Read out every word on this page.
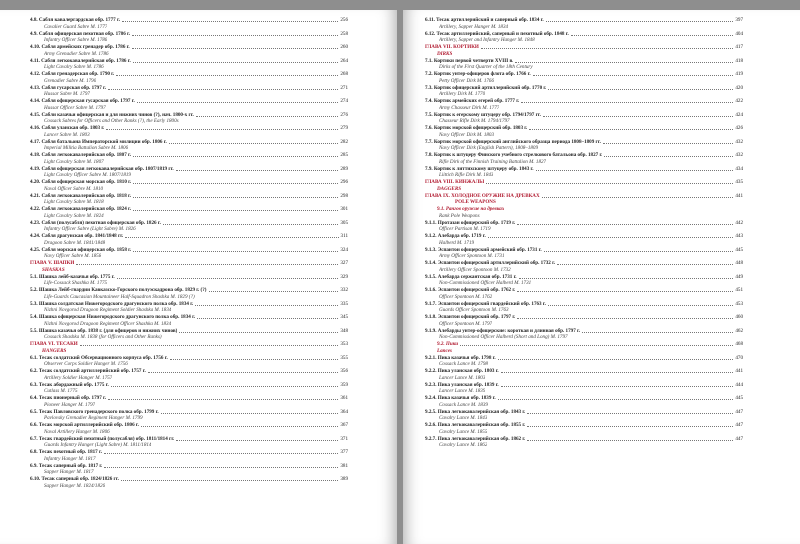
4.8. Сабля кавалергардская обр. 1777 г.	256
Cavalier Guard Sabre M. 1777
4.9. Сабля офицерская пехотная обр. 1786 г.	258
Infantry Officer Sabre M. 1786
4.10. Сабля армейских гренадер обр. 1786 г.	260
Army Grenadier Sabre M. 1786
4.11. Сабля легкокавалерийская обр. 1786 г.	264
Light Cavalry Sabre M. 1786
4.12. Сабля гренадерская обр. 1790 г.	268
Grenadier Sabre M. 1790
4.13. Сабля гусарская обр. 1797 г.	271
Hussar Sabre M. 1797
4.14. Сабля офицерская гусарская обр. 1797 г.	274
Hussar Officer Sabre M. 1797
4.15. Сабли казачьи офицерская и для нижних чинов (?), нач. 1800-х гг.	276
Cossack Sabres for Officers and Other Ranks (?), the Early 1800s
4.16. Сабля уланская обр. 1803 г.	279
Lancer Sabre M. 1803
4.17. Сабля батальона Императорской милиции обр. 1806 г.	282
Imperial Militia Battalion Sabre M. 1806
4.18. Сабля легкокавалерийская обр. 1807 г.	285
Light Cavalry Sabre M. 1807
4.19. Сабля офицерская легкокавалерийская обр. 1807/1819 гг.	289
Light Cavalry Officer Sabre M. 1807/1819
4.20. Сабля офицерская морская обр. 1810 г.	296
Naval Officer Sabre M. 1810
4.21. Сабля легкокавалерийская обр. 1818 г.	298
Light Cavalry Sabre M. 1818
4.22. Сабля легкокавалерийская обр. 1824 г.	301
Light Cavalry Sabre M. 1824
4.23. Сабля (полусабля) пехотная офицерская обр. 1826 г.	305
Infantry Officer Sabre (Light Sabre) M. 1826
4.24. Сабля драгунская обр. 1841/1848 гг.	311
Dragoon Sabre M. 1841/1848
4.25. Сабля морская офицерская обр. 1858 г.	324
Navy Officer Sabre M. 1858
ГЛАВА V. ШАПКИ	327
SHASKAS
5.1. Шашка лейб-казачья обр. 1775 г.	329
Life-Cossack Shashka M. 1775
5.2. Шашка Лейб-гвардии Кавказско-Горского полуэскадрона обр. 1829 г. (?)	332
Life-Guards Caucasian Mountaineer Half-Squadron Shashka M. 1829 (?)
5.3. Шашка солдатская Нижегородского драгунского полка обр. 1834 г.	335
Nizhni Novgorod Dragoon Regiment Soldier Shashka M. 1834
5.4. Шашка офицерская Нижегородского драгунского полка обр. 1834 г.	345
Nizhni Novgorod Dragoon Regiment Officer Shashka M. 1834
5.5. Шашка казачья обр. 1838 г. (для офицеров и нижних чинов)	348
Cossack Shashka M. 1838 (for Officers and Other Ranks)
ГЛАВА VI. ТЕСАКИ	353
HANGERS
6.1. Тесак солдатский Обсервационного корпуса обр. 1756 г.	355
Observer Corps Soldier Hanger M. 1756
6.2. Тесак солдатский артиллерийский обр. 1757 г.	356
Artillery Soldier Hanger M. 1757
6.3. Тесак абордажный обр. 1775 г.	359
Cutlass M. 1775
6.4. Тесак пионерный обр. 1797 г.	361
Pioneer Hanger M. 1797
6.5. Тесак Павловского гренадерского полка обр. 1799 г.	364
Pavlovsky Grenadier Regiment Hanger M. 1799
6.6. Тесак морской артиллерийский обр. 1806 г.	367
Naval Artillery Hanger M. 1806
6.7. Тесак гвардейский пехотный (полусабля) обр. 1811/1814 гг.	371
Guards Infantry Hanger (Light Sabre) M. 1811/1814
6.8. Тесак пехотный обр. 1817 г.	377
Infantry Hanger M. 1817
6.9. Тесак саперный обр. 1817 г.	381
Sapper Hanger M. 1817
6.10. Тесак саперный обр. 1824/1826 гг.	389
Sapper Hanger M. 1824/1826
6.11. Тесак артиллерийский и саперный обр. 1834 г.	397
Artillery, Sapper Hanger M. 1834
6.12. Тесак артиллерийский, саперный и пехотный обр. 1848 г.	404
Artillery, Sapper and Infantry Hanger M. 1848
ГЛАВА VII. КОРТИКИ	417
DIRKS
7.1. Кортики первой четверти XVIII в.	418
Dirks of the First Quarter of the 18th Century
7.2. Кортик унтер-офицеров флота обр. 1766 г.	419
Petty Officer Dirk M. 1766
7.3. Кортик офицерский артиллерийский обр. 1770 г.	420
Artillery Dirk M. 1770
7.4. Кортик армейских егерей обр. 1777 г.	422
Army Chasseur Dirk M. 1777
7.5. Кортик к егерскому штуцеру обр. 1794/1797 гг.	424
Chasseur Rifle Dirk M. 1794/1797
7.6. Кортик морской офицерский обр. 1803 г.	426
Navy Officer Dirk M. 1803
7.7. Кортик морской офицерский английского образца периода 1808–1809 гг.	432
Navy Officer Dirk (English Pattern), 1808–1809
7.8. Кортик к штуцеру Финского учебного стрелкового батальона обр. 1827 г.	432
Rifle Dirk of the Finnish Training Battalion M. 1827
7.9. Кортик к литтихскому штуцеру обр. 1843 г.	434
Liittich Rifle Dirk M. 1843
ГЛАВА VIII. КИНЖАЛЫ	435
DAGGERS
ГЛАВА IX. ХОЛОДНОЕ ОРУЖИЕ НА ДРЕВКАХ	441
POLE WEAPONS
9.1. Рангов оружие на древках
Rank Pole Weapons
9.1.1. Протазан офицерский обр. 1719 г.	442
Officer Partisan M. 1719
9.1.2. Алебарда обр. 1719 г.	443
Halberd M. 1719
9.1.3. Эспантон офицерский армейский обр. 1731 г.	445
Army Officer Spontoon M. 1731
9.1.4. Эспантон офицерский артиллерийский обр. 1732 г.	448
Artillery Officer Spontoon M. 1732
9.1.5. Алебарда сержантская обр. 1731 г.	449
Non-Commissioned Officer Halberd M. 1731
9.1.6. Эспантон офицерский обр. 1762 г.	451
Officer Spontoon M. 1762
9.1.7. Эспантон офицерский гвардейский обр. 1763 г.	453
Guards Officer Spontoon M. 1763
9.1.8. Эспантон офицерский обр. 1797 г.	460
Officer Spontoon M. 1797
9.1.9. Алебарды унтер-офицерские: короткая и длинная обр. 1797 г.	462
Non-Commissioned Officer Halberd (Short and Long) M. 1797
9.2. Пики	468
Lances
9.2.1. Пика казачья обр. 1798 г.	470
Cossack Lance M. 1798
9.2.2. Пика уланская обр. 1803 г.	441
Lancer Lance M. 1803
9.2.3. Пика уланская обр. 1839 г.	444
Lancer Lance M. 1839
9.2.4. Пика казачья обр. 1839 г.	445
Cossack Lance M. 1839
9.2.5. Пика легкокавалерийская обр. 1843 г.	447
Cavalry Lance M. 1843
9.2.6. Пика легкокавалерийская обр. 1855 г.	447
Cavalry Lance M. 1855
9.2.7. Пика легкокавалерийская обр. 1862 г.	447
Cavalry Lance M. 1862
